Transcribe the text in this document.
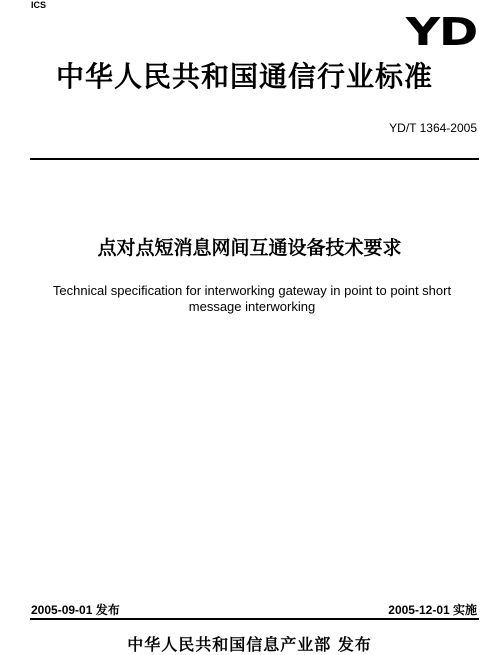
ICS
YD
中华人民共和国通信行业标准
YD/T 1364-2005
点对点短消息网间互通设备技术要求
Technical specification for interworking gateway in point to point short
message interworking
2005-09-01 发布	2005-12-01 实施
中华人民共和国信息产业部 发布
